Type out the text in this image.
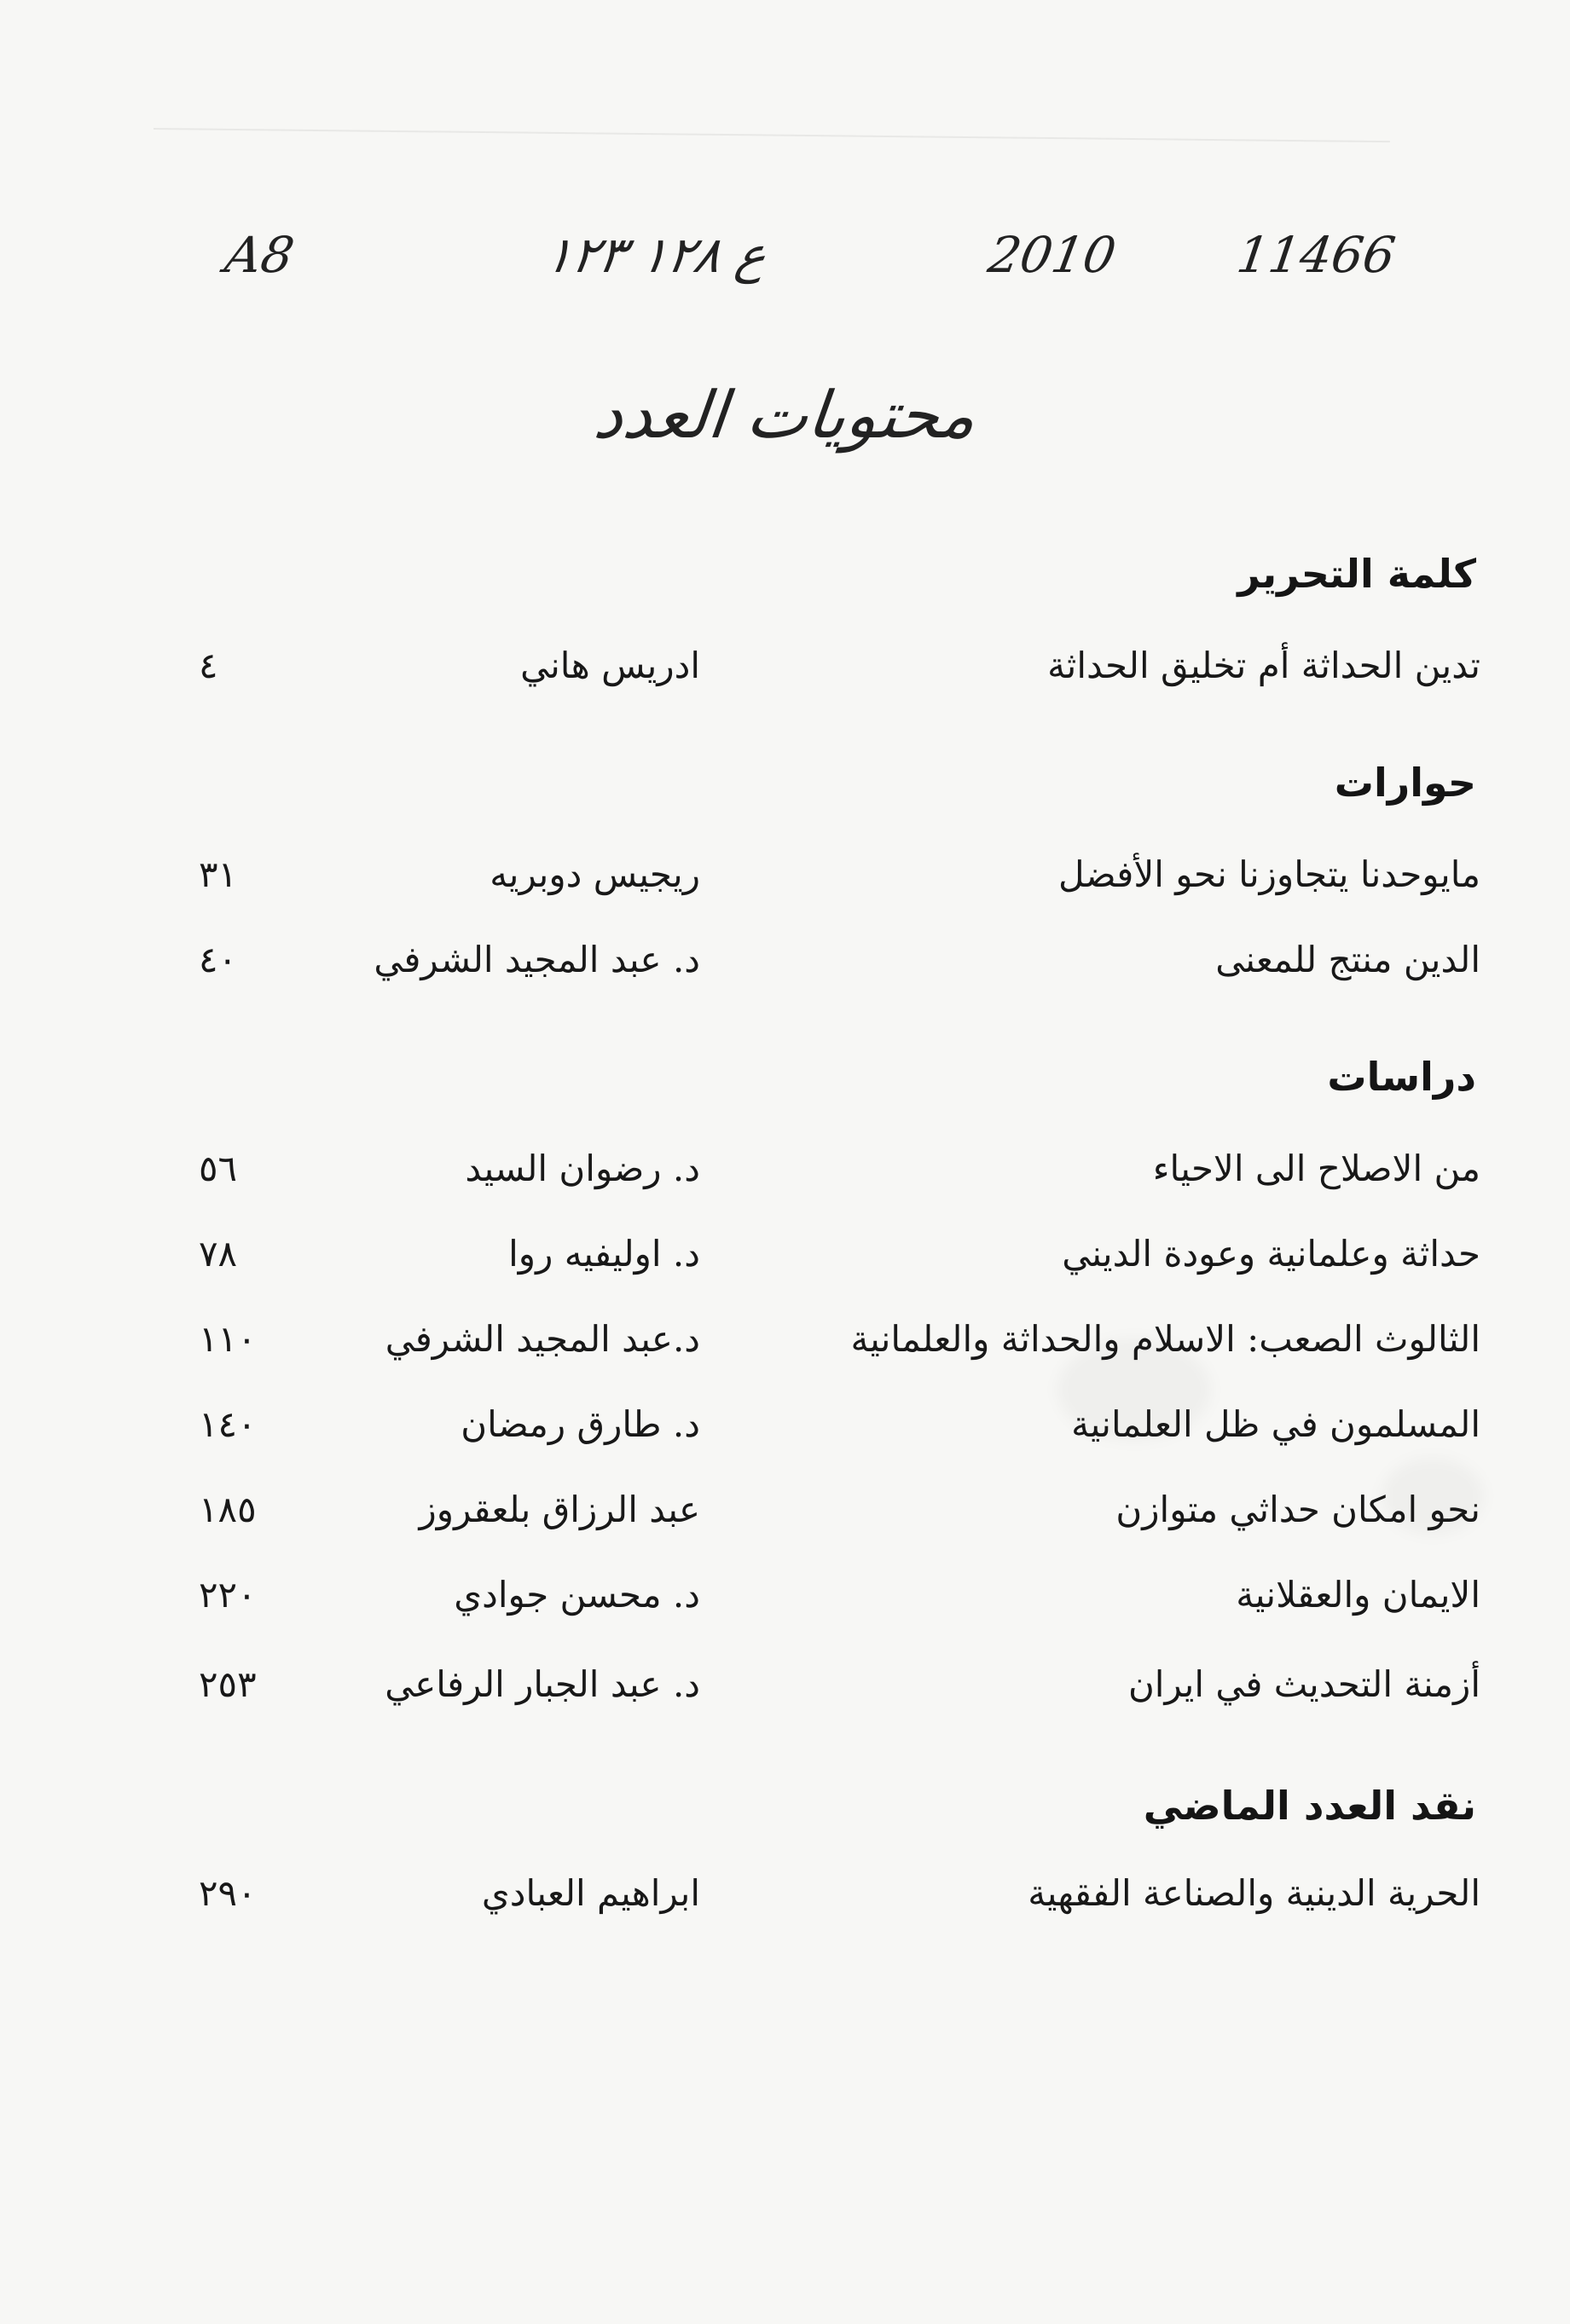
A8	ع ١٢٨ ١٢٣	2010 11466
محتويات العدد
كلمة التحرير
تدين الحداثة أم تخليق الحداثة
ادريس هاني
٤
حوارات
مايوحدنا يتجاوزنا نحو الأفضل
ريجيس دوبريه
٣١
الدين منتج للمعنى
د. عبد المجيد الشرفي
٤٠
دراسات
من الاصلاح الى الاحياء
د. رضوان السيد
٥٦
حداثة وعلمانية وعودة الديني
د. اوليفيه روا
٧٨
الثالوث الصعب: الاسلام والحداثة والعلمانية
د.عبد المجيد الشرفي
١١٠
المسلمون في ظل العلمانية
د. طارق رمضان
١٤٠
نحو امكان حداثي متوازن
عبد الرزاق بلعقروز
١٨٥
الايمان والعقلانية
د. محسن جوادي
٢٢٠
أزمنة التحديث في ايران
د. عبد الجبار الرفاعي
٢٥٣
نقد العدد الماضي
الحرية الدينية والصناعة الفقهية
ابراهيم العبادي
٢٩٠
